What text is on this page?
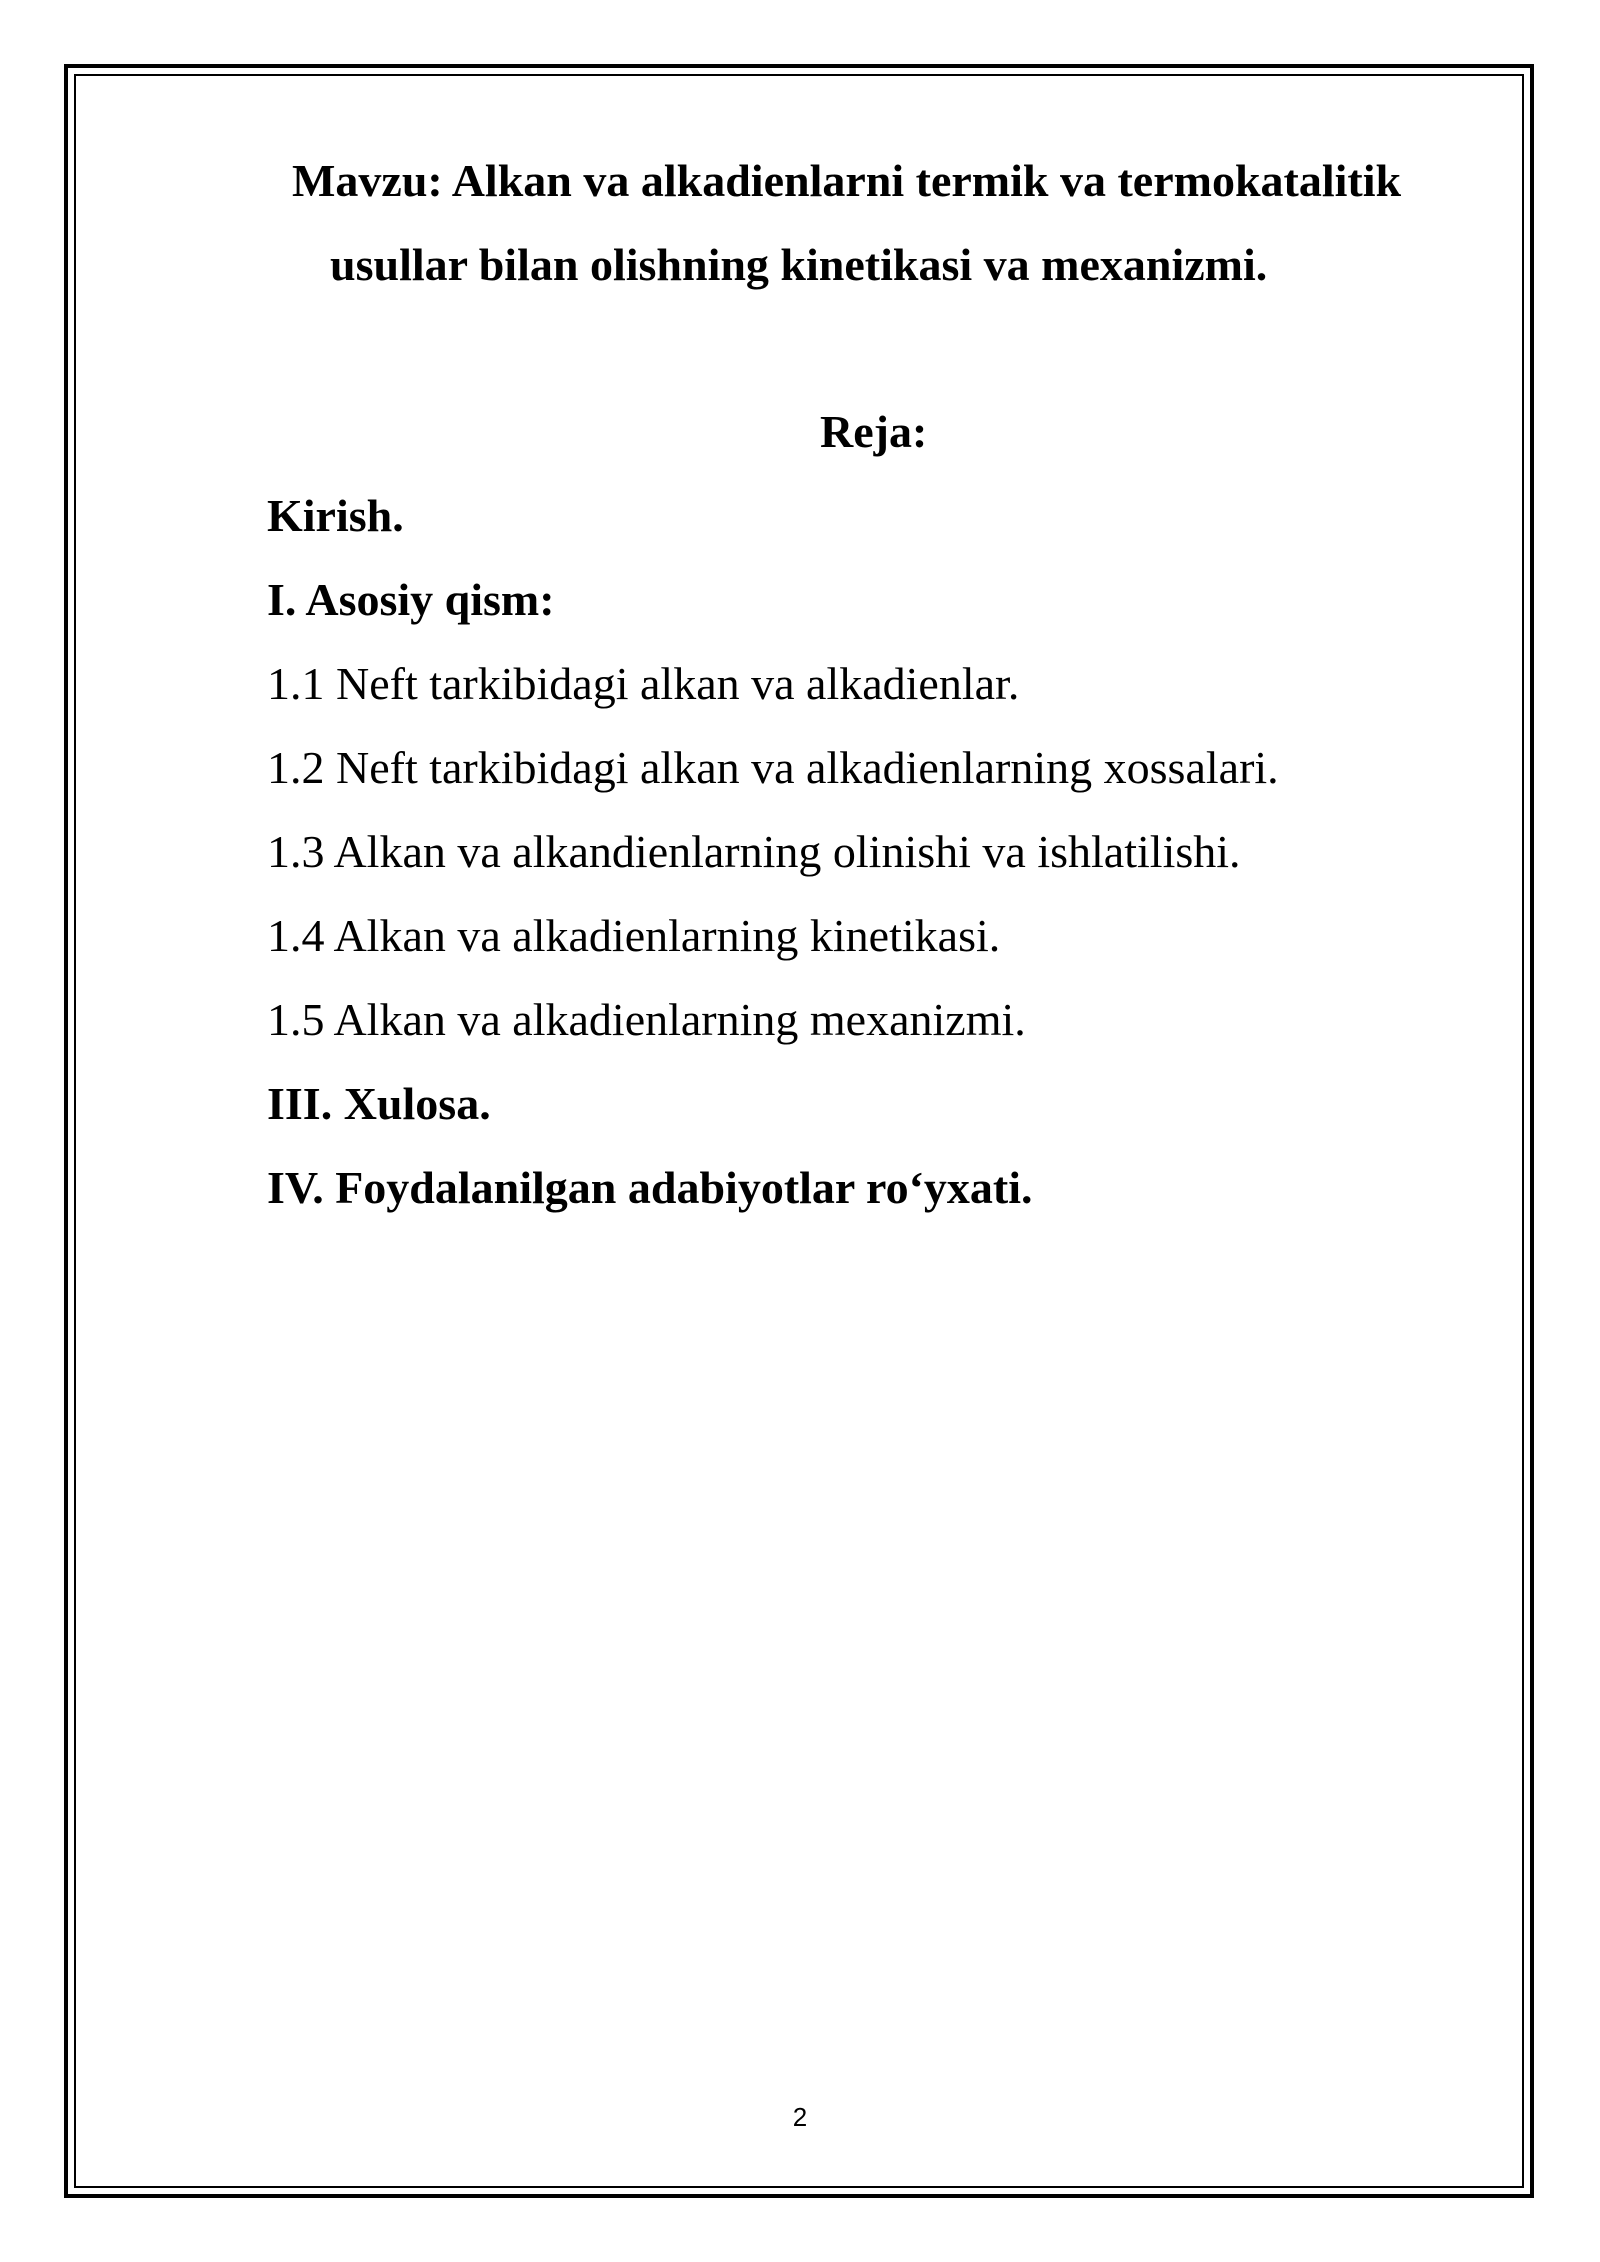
Mavzu: Alkan va alkadienlarni termik va termokatalitik
usullar bilan olishning kinetikasi va mexanizmi.
Reja:
Kirish.
I. Asosiy qism:
1.1 Neft tarkibidagi alkan va alkadienlar.
1.2 Neft tarkibidagi alkan va alkadienlarning xossalari.
1.3 Alkan va alkandienlarning olinishi va ishlatilishi.
1.4 Alkan va alkadienlarning kinetikasi.
1.5 Alkan va alkadienlarning mexanizmi.
III. Xulosa.
IV. Foydalanilgan adabiyotlar ro‘yxati.
2
